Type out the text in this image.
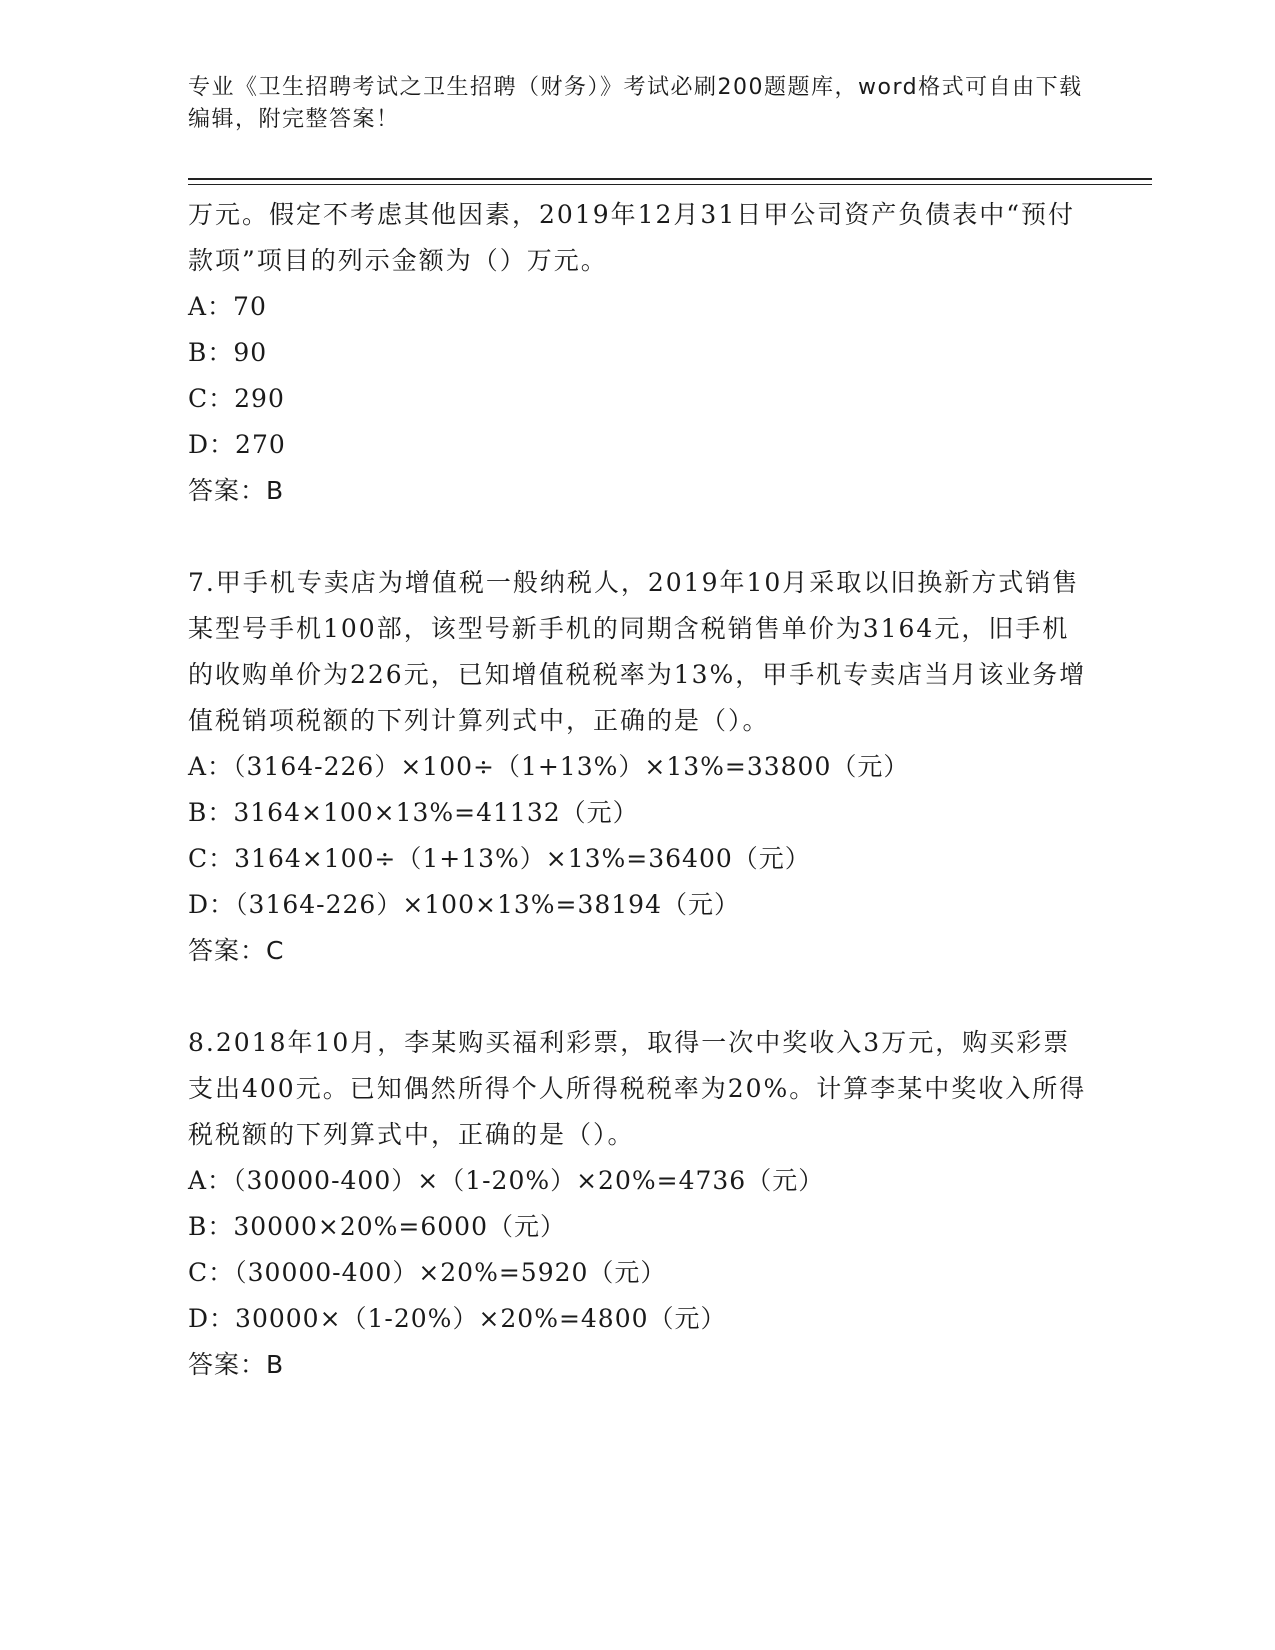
专业《卫生招聘考试之卫生招聘（财务）》考试必刷200题题库，word格式可自由下载编辑，附完整答案！

万元。假定不考虑其他因素，2019年12月31日甲公司资产负债表中“预付款项”项目的列示金额为（）万元。

A：70

B：90

C：290

D：270

答案：B

7.甲手机专卖店为增值税一般纳税人，2019年10月采取以旧换新方式销售某型号手机100部，该型号新手机的同期含税销售单价为3164元，旧手机的收购单价为226元，已知增值税税率为13%，甲手机专卖店当月该业务增值税销项税额的下列计算列式中，正确的是（）。

A：（3164-226）×100÷（1+13%）×13%=33800（元）

B：3164×100×13%=41132（元）

C：3164×100÷（1+13%）×13%=36400（元）

D：（3164-226）×100×13%=38194（元）

答案：C

8.2018年10月，李某购买福利彩票，取得一次中奖收入3万元，购买彩票支出400元。已知偶然所得个人所得税税率为20%。计算李某中奖收入所得税税额的下列算式中，正确的是（）。

A：（30000-400）×（1-20%）×20%=4736（元）

B：30000×20%=6000（元）

C：（30000-400）×20%=5920（元）

D：30000×（1-20%）×20%=4800（元）

答案：B
